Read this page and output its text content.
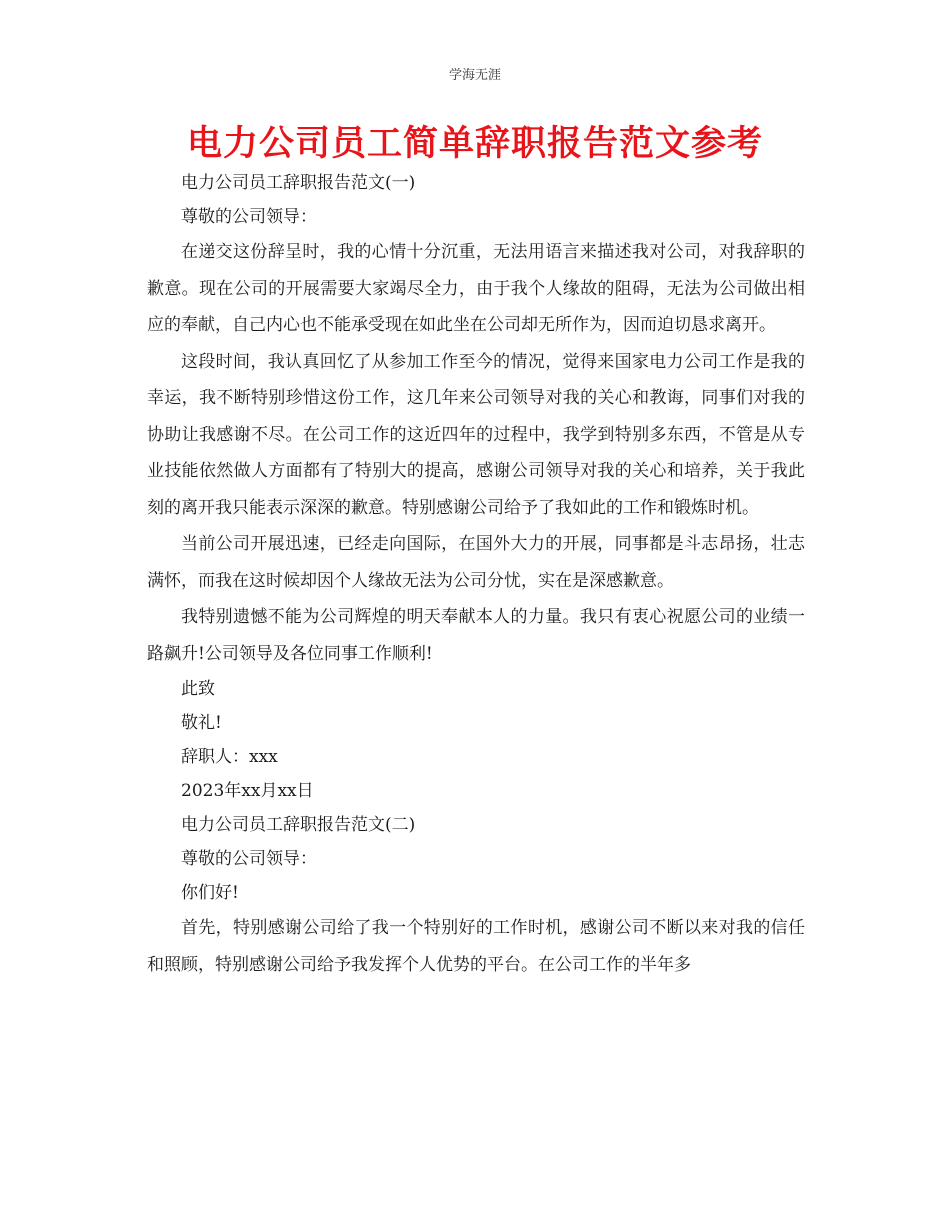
学海无涯
电力公司员工简单辞职报告范文参考
电力公司员工辞职报告范文(一)
尊敬的公司领导：

在递交这份辞呈时，我的心情十分沉重，无法用语言来描述我对公司，对我辞职的歉意。现在公司的开展需要大家竭尽全力，由于我个人缘故的阻碍，无法为公司做出相应的奉献，自己内心也不能承受现在如此坐在公司却无所作为，因而迫切恳求离开。

这段时间，我认真回忆了从参加工作至今的情况，觉得来国家电力公司工作是我的幸运，我不断特别珍惜这份工作，这几年来公司领导对我的关心和教诲，同事们对我的协助让我感谢不尽。在公司工作的这近四年的过程中，我学到特别多东西，不管是从专业技能依然做人方面都有了特别大的提高，感谢公司领导对我的关心和培养，关于我此刻的离开我只能表示深深的歉意。特别感谢公司给予了我如此的工作和锻炼时机。

当前公司开展迅速，已经走向国际，在国外大力的开展，同事都是斗志昂扬，壮志满怀，而我在这时候却因个人缘故无法为公司分忧，实在是深感歉意。

我特别遗憾不能为公司辉煌的明天奉献本人的力量。我只有衷心祝愿公司的业绩一路飙升!公司领导及各位同事工作顺利!

此致
敬礼!
辞职人：xxx
2023年xx月xx日
电力公司员工辞职报告范文(二)
尊敬的公司领导：
你们好!

首先，特别感谢公司给了我一个特别好的工作时机，感谢公司不断以来对我的信任和照顾，特别感谢公司给予我发挥个人优势的平台。在公司工作的半年多
